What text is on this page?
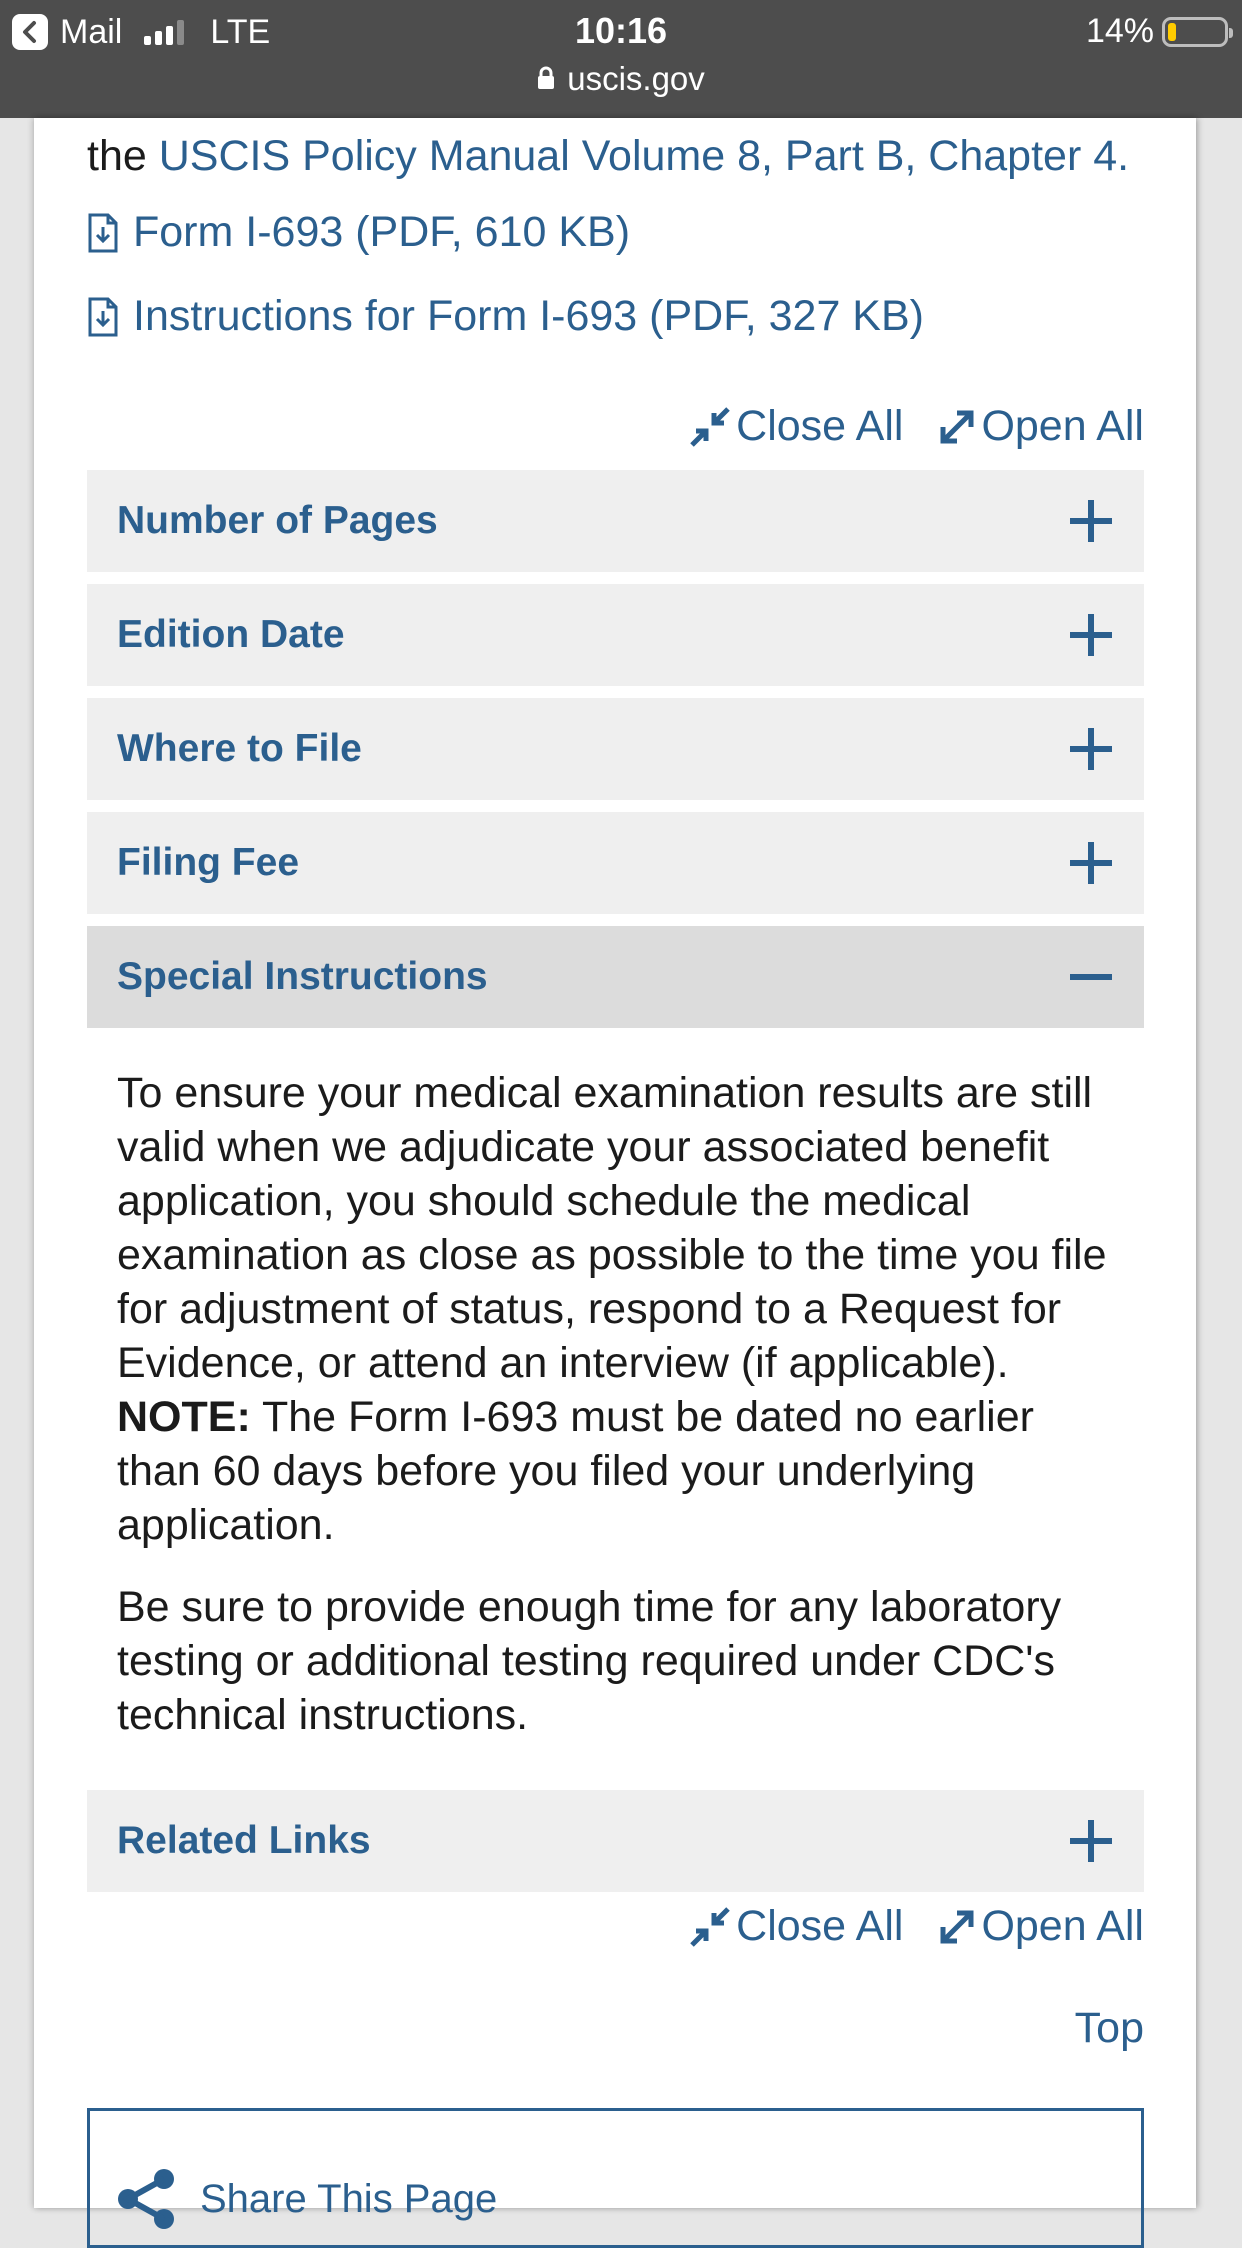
Mail	LTE	10:16
uscis.gov
14%
the USCIS Policy Manual Volume 8, Part B, Chapter 4.
Form I-693 (PDF, 610 KB)
Instructions for Form I-693 (PDF, 327 KB)
Close All Open All
Number of Pages
Edition Date
Where to File
Filing Fee
Special Instructions

To ensure your medical examination results are still valid when we adjudicate your associated benefit application, you should schedule the medical examination as close as possible to the time you file for adjustment of status, respond to a Request for Evidence, or attend an interview (if applicable).  NOTE: The Form I-693 must be dated no earlier than 60 days before you filed your underlying application.

Be sure to provide enough time for any laboratory testing or additional testing required under CDC's technical instructions.

Related Links
Close All Open All
Top
Share This Page
